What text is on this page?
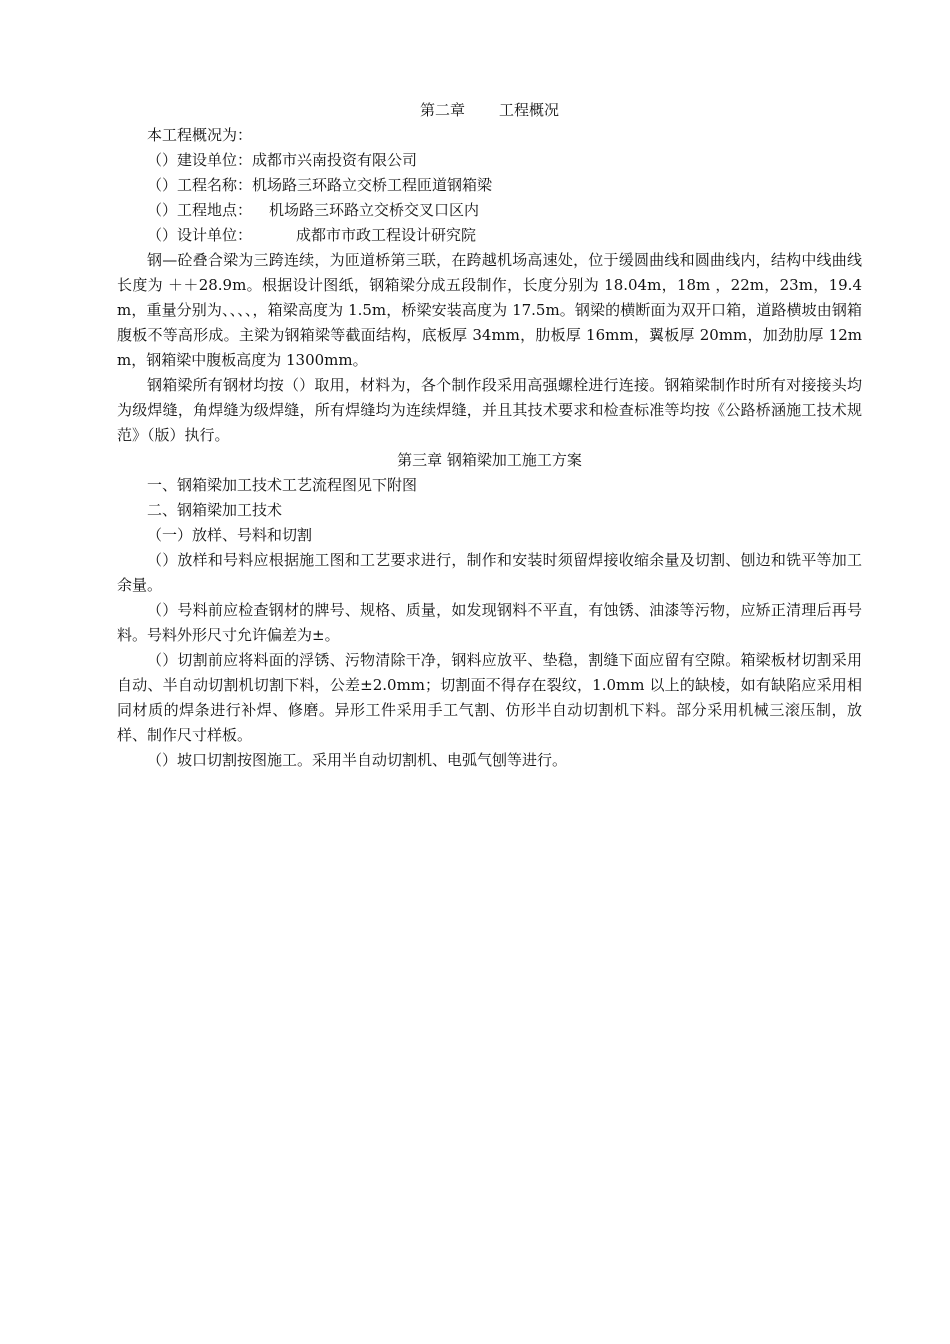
第二章 工程概况

本工程概况为：

（）建设单位：成都市兴南投资有限公司

（）工程名称：机场路三环路立交桥工程匝道钢箱梁

（）工程地点： 机场路三环路立交桥交叉口区内

（）设计单位：	成都市市政工程设计研究院

钢—砼叠合梁为三跨连续，为匝道桥第三联，在跨越机场高速处，位于缓圆曲线和圆曲线内，结构中线曲线长度为 ＋＋28.9m。根据设计图纸，钢箱梁分成五段制作，长度分别为 18.04m，18m ，22m，23m，19.4m，重量分别为、、、、，箱梁高度为 1.5m，桥梁安装高度为 17.5m。钢梁的横断面为双开口箱，道路横坡由钢箱腹板不等高形成。主梁为钢箱梁等截面结构，底板厚 34mm，肋板厚 16mm，翼板厚 20mm，加劲肋厚 12mm，钢箱梁中腹板高度为 1300mm。

钢箱梁所有钢材均按（）取用，材料为，各个制作段采用高强螺栓进行连接。钢箱梁制作时所有对接接头均为级焊缝，角焊缝为级焊缝，所有焊缝均为连续焊缝，并且其技术要求和检查标准等均按《公路桥涵施工技术规范》（版）执行。

第三章 钢箱梁加工施工方案

一、钢箱梁加工技术工艺流程图见下附图

二、钢箱梁加工技术

（一）放样、号料和切割

（）放样和号料应根据施工图和工艺要求进行，制作和安装时须留焊接收缩余量及切割、刨边和铣平等加工余量。

（）号料前应检查钢材的牌号、规格、质量，如发现钢料不平直，有蚀锈、油漆等污物，应矫正清理后再号料。号料外形尺寸允许偏差为±。

（）切割前应将料面的浮锈、污物清除干净，钢料应放平、垫稳，割缝下面应留有空隙。箱梁板材切割采用自动、半自动切割机切割下料，公差±2.0mm；切割面不得存在裂纹，1.0mm 以上的缺棱，如有缺陷应采用相同材质的焊条进行补焊、修磨。异形工件采用手工气割、仿形半自动切割机下料。部分采用机械三滚压制，放样、制作尺寸样板。

（）坡口切割按图施工。采用半自动切割机、电弧气刨等进行。
